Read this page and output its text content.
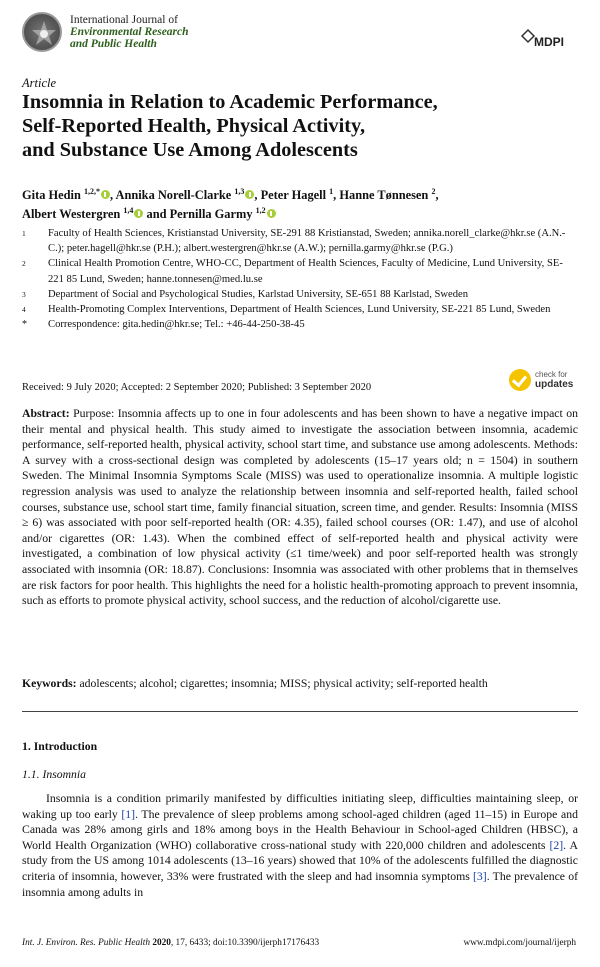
International Journal of
Environmental Research
and Public Health	MDPI
Article
Insomnia in Relation to Academic Performance,
Self-Reported Health, Physical Activity,
and Substance Use Among Adolescents
Gita Hedin $^{1,2,*}$ , Annika Norell-Clarke $^{1,3}$ , Peter Hagell $^1$, Hanne Tønnesen $^2$,
Albert Westergren $^{1,4}$ and Pernilla Garmy $^{1,2}$
1	Faculty of Health Sciences, Kristianstad University, SE-291 88 Kristianstad, Sweden; annika.norell_clarke@hkr.se (A.N.-C.); peter.hagell@hkr.se (P.H.); albert.westergren@hkr.se (A.W.); pernilla.garmy@hkr.se (P.G.)
2	Clinical Health Promotion Centre, WHO-CC, Department of Health Sciences, Faculty of Medicine, Lund University, SE-221 85 Lund, Sweden; hanne.tonnesen@med.lu.se
3	Department of Social and Psychological Studies, Karlstad University, SE-651 88 Karlstad, Sweden
4	Health-Promoting Complex Interventions, Department of Health Sciences, Lund University, SE-221 85 Lund, Sweden
*	Correspondence: gita.hedin@hkr.se; Tel.: +46-44-250-38-45
Received: 9 July 2020; Accepted: 2 September 2020; Published: 3 September 2020
check for
updates
Abstract: Purpose: Insomnia affects up to one in four adolescents and has been shown to have a negative impact on their mental and physical health. This study aimed to investigate the association between insomnia, academic performance, self-reported health, physical activity, school start time, and substance use among adolescents. Methods: A survey with a cross-sectional design was completed by adolescents (15–17 years old; n = 1504) in southern Sweden. The Minimal Insomnia Symptoms Scale (MISS) was used to operationalize insomnia. A multiple logistic regression analysis was used to analyze the relationship between insomnia and self-reported health, failed school courses, substance use, school start time, family financial situation, screen time, and gender. Results: Insomnia (MISS ≥ 6) was associated with poor self-reported health (OR: 4.35), failed school courses (OR: 1.47), and use of alcohol and/or cigarettes (OR: 1.43). When the combined effect of self-reported health and physical activity were investigated, a combination of low physical activity (≤1 time/week) and poor self-reported health was strongly associated with insomnia (OR: 18.87). Conclusions: Insomnia was associated with other problems that in themselves are risk factors for poor health. This highlights the need for a holistic health-promoting approach to prevent insomnia, such as efforts to promote physical activity, school success, and the reduction of alcohol/cigarette use.
Keywords: adolescents; alcohol; cigarettes; insomnia; MISS; physical activity; self-reported health
1. Introduction
1.1. Insomnia
Insomnia is a condition primarily manifested by difficulties initiating sleep, difficulties maintaining sleep, or waking up too early [1]. The prevalence of sleep problems among school-aged children (aged 11–15) in Europe and Canada was 28% among girls and 18% among boys in the Health Behaviour in School-aged Children (HBSC), a World Health Organization (WHO) collaborative cross-national study with 220,000 children and adolescents [2]. A study from the US among 1014 adolescents (13–16 years) showed that 10% of the adolescents fulfilled the diagnostic criteria of insomnia, however, 33% were frustrated with the sleep and had insomnia symptoms [3]. The prevalence of insomnia among adults in
Int. J. Environ. Res. Public Health 2020, 17, 6433; doi:10.3390/ijerph17176433	www.mdpi.com/journal/ijerph
